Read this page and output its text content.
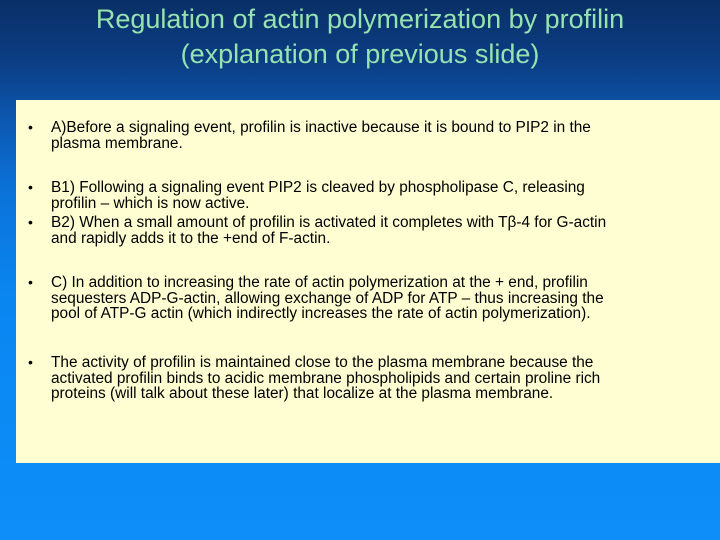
Regulation of actin polymerization by profilin
(explanation of previous slide)
• A)Before a signaling event, profilin is inactive because it is bound to PIP2 in the
plasma membrane.
• B1) Following a signaling event PIP2 is cleaved by phospholipase C, releasing
profilin – which is now active.
• B2) When a small amount of profilin is activated it completes with Tβ-4 for G-actin
and rapidly adds it to the +end of F-actin.
• C) In addition to increasing the rate of actin polymerization at the + end, profilin
sequesters ADP-G-actin, allowing exchange of ADP for ATP – thus increasing the
pool of ATP-G actin (which indirectly increases the rate of actin polymerization).
• The activity of profilin is maintained close to the plasma membrane because the
activated profilin binds to acidic membrane phospholipids and certain proline rich
proteins (will talk about these later) that localize at the plasma membrane.
